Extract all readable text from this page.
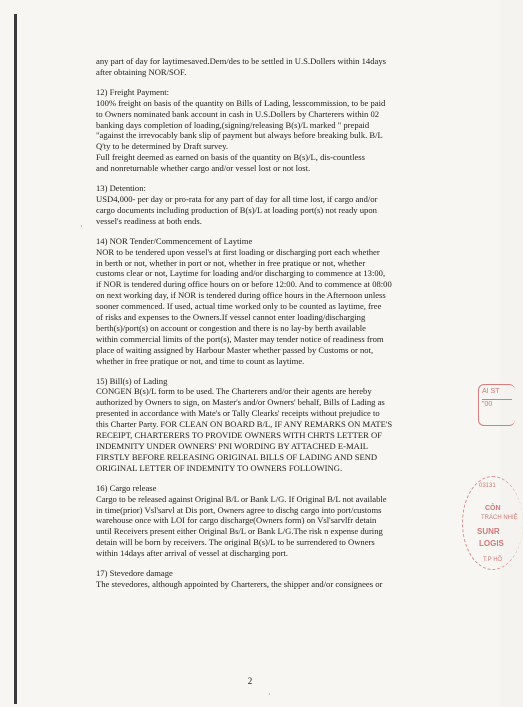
any part of day for laytimesaved.Dem/des to be settled in U.S.Dollers within 14days

after obtaining NOR/SOF.

12) Freight Payment:

100% freight on basis of the quantity on Bills of Lading, lesscommission, to be paid

to Owners nominated bank account in cash in U.S.Dollers by Charterers within 02

banking days completion of loading,(signing/releasing B(s)/L marked " prepaid

"against the irrevocably bank slip of payment but always before breaking bulk. B/L

Q'ty to be determined by Draft survey.

Full freight deemed as earned on basis of the quantity on B(s)/L, dis-countless

and nonreturnable whether cargo and/or vessel lost or not lost.

13) Detention:

USD4,000- per day or pro-rata for any part of day for all time lost, if cargo and/or

cargo documents including production of B(s)/L at loading port(s) not ready upon

vessel's readiness at both ends.

14) NOR Tender/Commencement of Laytime

NOR to be tendered upon vessel's at first loading or discharging port each whether

in berth or not, whether in port or not, whether in free pratique or not, whether

customs clear or not, Laytime for loading and/or discharging to commence at 13:00,

if NOR is tendered during office hours on or before 12:00. And to commence at 08:00

on next working day, if NOR is tendered during office hours in the Afternoon unless

sooner commenced. If used, actual time worked only to be counted as laytime, free

of risks and expenses to the Owners.If vessel cannot enter loading/discharging

berth(s)/port(s) on account or congestion and there is no lay-by berth available

within commercial limits of the port(s), Master may tender notice of readiness from

place of waiting assigned by Harbour Master whether passed by Customs or not,

whether in free pratique or not, and time to count as laytime.

15) Bill(s) of Lading

CONGEN B(s)/L form to be used. The Charterers and/or their agents are hereby

authorized by Owners to sign, on Master's and/or Owners' behalf, Bills of Lading as

presented in accordance with Mate's or Tally Clearks' receipts without prejudice to

this Charter Party. FOR CLEAN ON BOARD B/L, IF ANY REMARKS ON MATE'S

RECEIPT, CHARTERERS TO PROVIDE OWNERS WITH CHRTS LETTER OF

INDEMNITY UNDER OWNERS' PNI WORDING BY ATTACHED E-MAIL

FIRSTLY BEFORE RELEASING ORIGINAL BILLS OF LADING AND SEND

ORIGINAL LETTER OF INDEMNITY TO OWNERS FOLLOWING.

16) Cargo release

Cargo to be released against Original B/L or Bank L/G. If Original B/L not available

in time(prior) Vsl'sarvl at Dis port, Owners agree to dischg cargo into port/customs

warehouse once with LOI for cargo discharge(Owners form) on Vsl'sarvlfr detain

until Receivers present either Original Bs/L or Bank L/G.The risk n expense during

detain will be born by receivers. The original B(s)/L to be surrendered to Owners

within 14days after arrival of vessel at discharging port.

17) Stevedore damage

The stevedores, although appointed by Charterers, the shipper and/or consignees or

2
AI ST
"00
03131
CÔN
TRÁCH NHIỆ
SUNR
LOGIS
T.P HỒ
·
·
